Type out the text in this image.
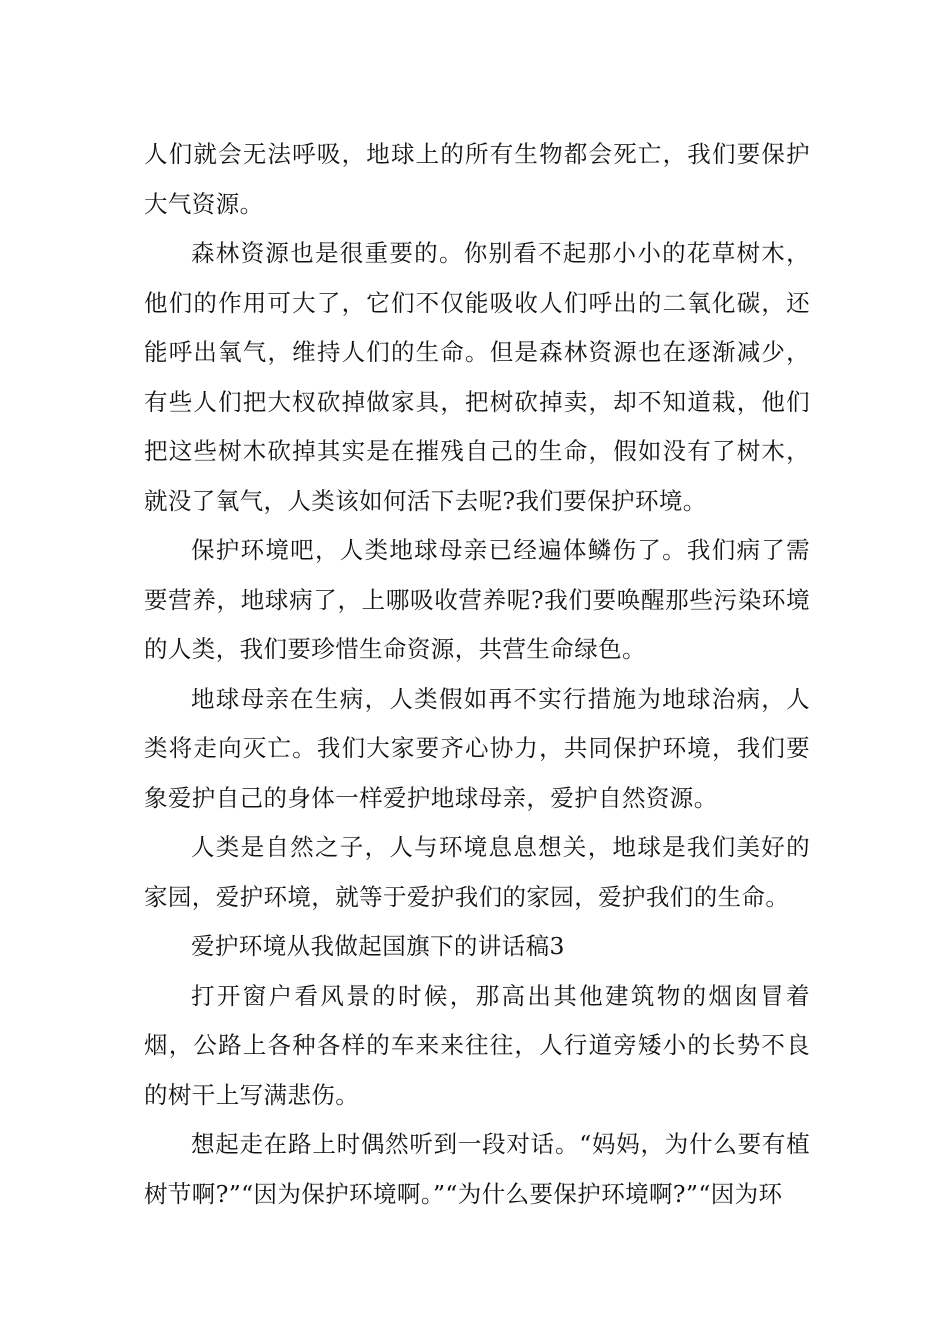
人们就会无法呼吸，地球上的所有生物都会死亡，我们要保护大气资源。

森林资源也是很重要的。你别看不起那小小的花草树木，他们的作用可大了，它们不仅能吸收人们呼出的二氧化碳，还能呼出氧气，维持人们的生命。但是森林资源也在逐渐减少，有些人们把大杈砍掉做家具，把树砍掉卖，却不知道栽，他们把这些树木砍掉其实是在摧残自己的生命，假如没有了树木，就没了氧气，人类该如何活下去呢?我们要保护环境。

保护环境吧，人类地球母亲已经遍体鳞伤了。我们病了需要营养，地球病了，上哪吸收营养呢?我们要唤醒那些污染环境的人类，我们要珍惜生命资源，共营生命绿色。

地球母亲在生病，人类假如再不实行措施为地球治病，人类将走向灭亡。我们大家要齐心协力，共同保护环境，我们要象爱护自己的身体一样爱护地球母亲，爱护自然资源。

人类是自然之子，人与环境息息想关，地球是我们美好的家园，爱护环境，就等于爱护我们的家园，爱护我们的生命。

爱护环境从我做起国旗下的讲话稿3

打开窗户看风景的时候，那高出其他建筑物的烟囱冒着烟，公路上各种各样的车来来往往，人行道旁矮小的长势不良的树干上写满悲伤。

想起走在路上时偶然听到一段对话。“妈妈，为什么要有植树节啊?”“因为保护环境啊。”“为什么要保护环境啊?”“因为环
